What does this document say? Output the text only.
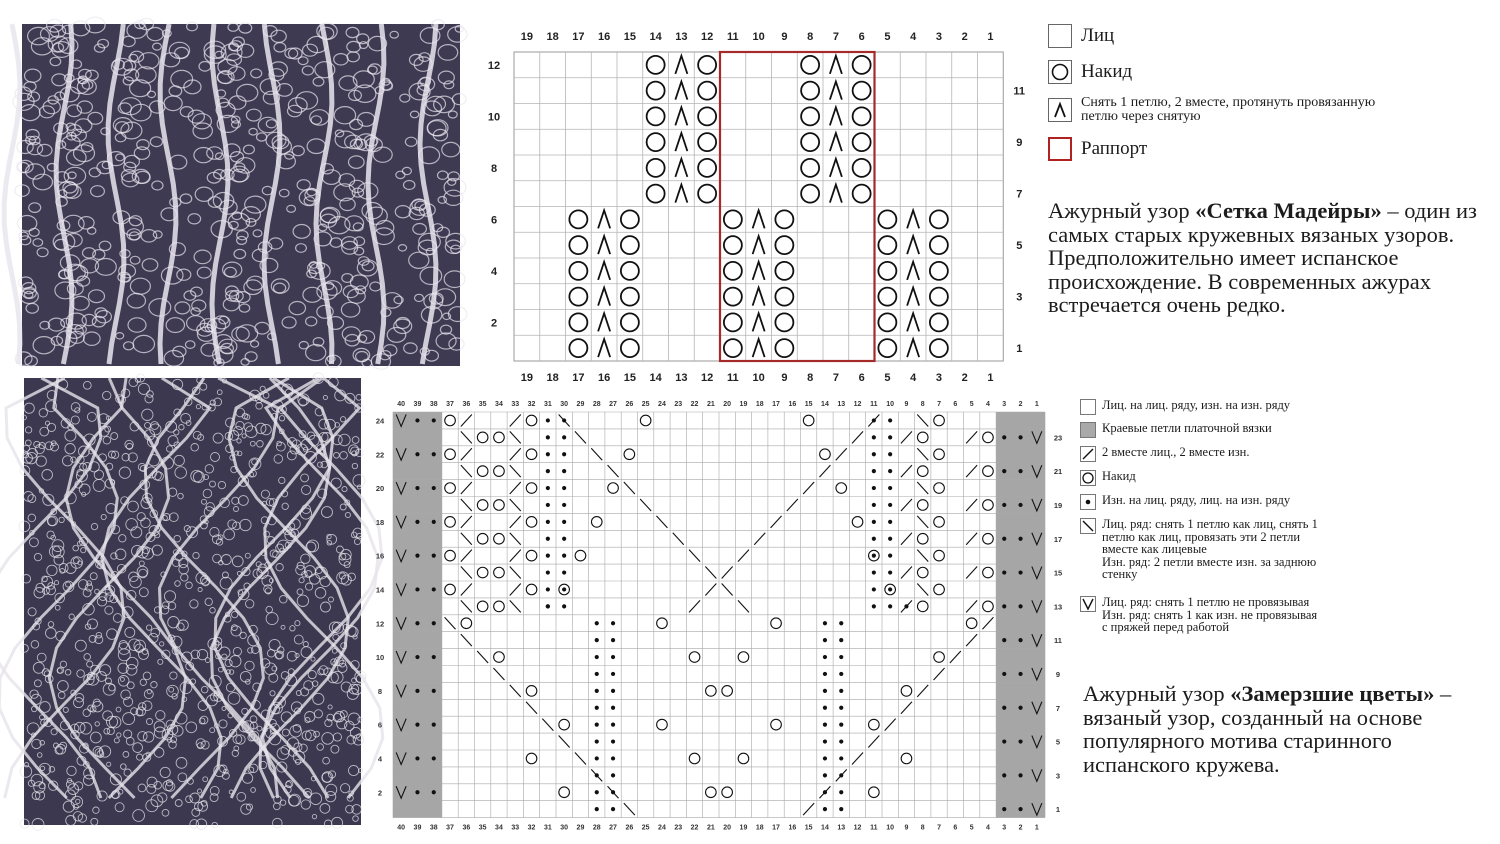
19 18 17 16 15 14 13 12 11 10 9 8 7 6 5 4 3 2 1
19 18 17 16 15 14 13 12 11 10 9 8 7 6 5 4 3 2 1
12
10
8
6
4
2
11
9
7
5
3
1
Лиц
Накид
Снять 1 петлю, 2 вместе, протянуть провязанную петлю через снятую
Раппорт
Ажурный узор «Сетка Мадейры» – один из самых старых кружевных вязаных узоров. Предположительно имеет испанское происхождение. В современных ажурах встречается очень редко.
40
40
39
39
38
38
37
37
36
36
35
35
34
34
33
33
32
32
31
31
30
30
29
29
28
28
27
27
26
26
25
25
24
24
23
23
22
22
21
21
20
20
19
19
18
18
17
17
16
16
15
15
14
14
13
13
12
12
11
11
10
10
9
9
8
8
7
7
6
6
5
5
4
4
3
3
2
2
1
1
24
22
20
18
16
14
12
10
8
6
4
2
23
21
19
17
15
13
11
9
7
5
3
1
Лиц. на лиц. ряду, изн. на изн. ряду
Краевые петли платочной вязки
2 вместе лиц., 2 вместе изн.
Накид
Изн. на лиц. ряду, лиц. на изн. ряду
Лиц. ряд: снять 1 петлю как лиц, снять 1
петлю как лиц, провязать эти 2 петли
вместе как лицевые
Изн. ряд: 2 петли вместе изн. за заднюю
стенку
Лиц. ряд: снять 1 петлю не провязывая
Изн. ряд: снять 1 как изн. не провязывая
с пряжей перед работой
Ажурный узор «Замерзшие цветы» – вязаный узор, созданный на основе популярного мотива старинного испанского кружева.
